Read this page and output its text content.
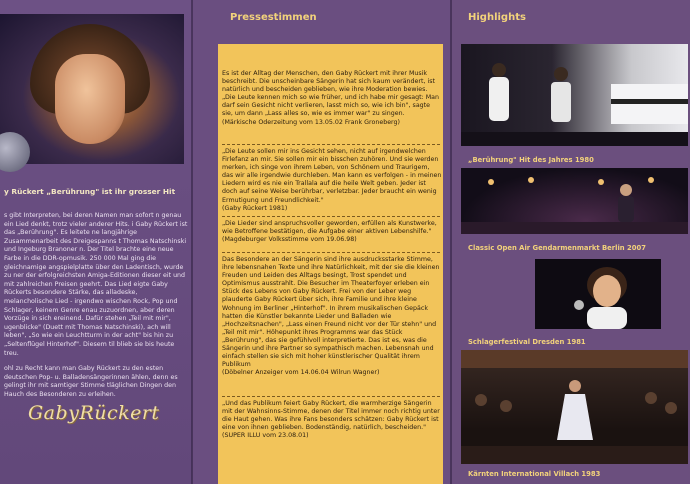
y Rückert „Berührung" ist ihr grosser Hit

s gibt Interpreten, bei deren Namen man sofort n genau ein Lied denkt, trotz vieler anderer Hits. i Gaby Rückert ist das „Berührung". Es leitete ne langjährige Zusammenarbeit des Dreigespanns t Thomas Natschinski und Ingeburg Branoner n. Der Titel brachte eine neue Farbe in die DDR-opmusik. 250 000 Mal ging die gleichnamige angspielplatte über den Ladentisch, wurde zu ner der erfolgreichsten Amiga-Editionen dieser eit und mit zahlreichen Preisen geehrt. Das Lied eigte Gaby Rückerts besondere Stärke, das alladeske, melancholische Lied - irgendwo wischen Rock, Pop und Schlager, keinem Genre enau zuzuordnen, aber deren Vorzüge in sich ereinend. Dafür stehen „Teil mit mir", ugenblicke" (Duett mit Thomas Natschinski), ach will leben", „So wie ein Leuchtturm in der acht" bis hin zu „Seltenflügel Hinterhof". Diesem til blieb sie bis heute treu.

ohl zu Recht kann man Gaby Rückert zu den esten deutschen Pop- u. Balladensängerinnen ählen, denn es gelingt ihr mit samtiger Stimme tläglichen Dingen den Hauch des Besonderen zu erleihen.

GabyRückert
Pressestimmen
Es ist der Alltag der Menschen, den Gaby Rückert mit ihrer Musik beschreibt. Die unscheinbare Sängerin hat sich kaum verändert, ist natürlich und bescheiden geblieben, wie ihre Moderation bewies. „Die Leute kennen mich so wie früher, und ich habe mir gesagt: Man darf sein Gesicht nicht verlieren, lasst mich so, wie ich bin", sagte sie, um dann „Lass alles so, wie es immer war" zu singen.
(Märkische Oderzeitung vom 13.05.02 Frank Groneberg)
„Die Leute sollen mir ins Gesicht sehen, nicht auf irgendwelchen Firlefanz an mir. Sie sollen mir ein bisschen zuhören. Und sie werden merken, ich singe von ihrem Leben, von Schönem und Traurigem, das wir alle irgendwie durchleben. Man kann es verfolgen - in meinen Liedern wird es nie ein Trallala auf die heile Welt geben. Jeder ist doch auf seine Weise berührbar, verletzbar. Jeder braucht ein wenig Ermutigung und Freundlichkeit."
(Gaby Rückert 1981)
„Die Lieder sind anspruchsvoller geworden, erfüllen als Kunstwerke, wie Betroffene bestätigen, die Aufgabe einer aktiven Lebenshilfe."
(Magdeburger Volksstimme vom 19.06.98)
Das Besondere an der Sängerin sind ihre ausdrucksstarke Stimme, ihre lebensnahen Texte und ihre Natürlichkeit, mit der sie die kleinen Freuden und Leiden des Alltags besingt, Trost spendet und Optimismus ausstrahlt. Die Besucher im Theaterfoyer erleben ein Stück des Lebens von Gaby Rückert. Frei von der Leber weg plauderte Gaby Rückert über sich, ihre Familie und ihre kleine Wohnung im Berliner „Hinterhof". In ihrem musikalischen Gepäck hatten die Künstler bekannte Lieder und Balladen wie „Hochzeitsnachen", „Lass einen Freund nicht vor der Tür stehn" und „Teil mit mir". Höhepunkt ihres Programms war das Stück „Berührung", das sie gefühlvoll interpretierte. Das ist es, was die Sängerin und ihre Partner so sympathisch machen. Lebensnah und einfach stellen sie sich mit hoher künstlerischer Qualität ihrem Publikum
(Döbelner Anzeiger vom 14.06.04 Wilrun Wagner)
„Und das Publikum feiert Gaby Rückert, die warmherzige Sängerin mit der Wahnsinns-Stimme, denen der Titel immer noch richtig unter die Haut gehen. Was ihre Fans besonders schätzen: Gaby Rückert ist eine von ihnen geblieben. Bodenständig, natürlich, bescheiden."
(SUPER ILLU vom 23.08.01)
Highlights
„Berührung" Hit des Jahres 1980
Classic Open Air Gendarmenmarkt Berlin 2007
Schlagerfestival Dresden 1981
Kärnten International Villach 1983
